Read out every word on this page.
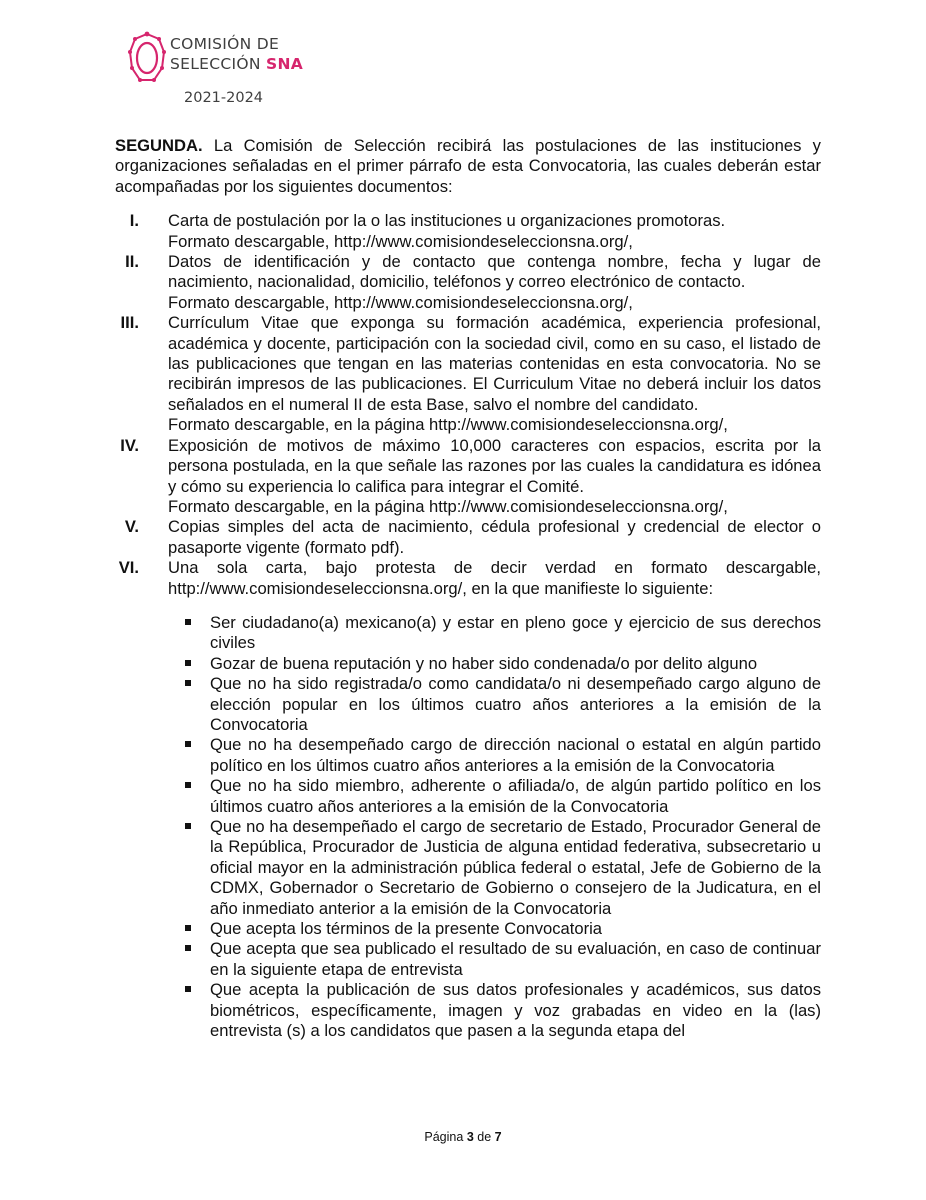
COMISIÓN DE
SELECCIÓN SNA
2021-2024

SEGUNDA. La Comisión de Selección recibirá las postulaciones de las instituciones y organizaciones señaladas en el primer párrafo de esta Convocatoria, las cuales deberán estar acompañadas por los siguientes documentos:

I. Carta de postulación por la o las instituciones u organizaciones promotoras.
Formato descargable, http://www.comisiondeseleccionsna.org/,
II. Datos de identificación y de contacto que contenga nombre, fecha y lugar de nacimiento, nacionalidad, domicilio, teléfonos y correo electrónico de contacto.
Formato descargable, http://www.comisiondeseleccionsna.org/,
III. Currículum Vitae que exponga su formación académica, experiencia profesional, académica y docente, participación con la sociedad civil, como en su caso, el listado de las publicaciones que tengan en las materias contenidas en esta convocatoria. No se recibirán impresos de las publicaciones. El Curriculum Vitae no deberá incluir los datos señalados en el numeral II de esta Base, salvo el nombre del candidato.
Formato descargable, en la página http://www.comisiondeseleccionsna.org/,
IV. Exposición de motivos de máximo 10,000 caracteres con espacios, escrita por la persona postulada, en la que señale las razones por las cuales la candidatura es idónea y cómo su experiencia lo califica para integrar el Comité.
Formato descargable, en la página http://www.comisiondeseleccionsna.org/,
V. Copias simples del acta de nacimiento, cédula profesional y credencial de elector o pasaporte vigente (formato pdf).
VI. Una sola carta, bajo protesta de decir verdad en formato descargable, http://www.comisiondeseleccionsna.org/, en la que manifieste lo siguiente:
Ser ciudadano(a) mexicano(a) y estar en pleno goce y ejercicio de sus derechos civiles
Gozar de buena reputación y no haber sido condenada/o por delito alguno
Que no ha sido registrada/o como candidata/o ni desempeñado cargo alguno de elección popular en los últimos cuatro años anteriores a la emisión de la Convocatoria
Que no ha desempeñado cargo de dirección nacional o estatal en algún partido político en los últimos cuatro años anteriores a la emisión de la Convocatoria
Que no ha sido miembro, adherente o afiliada/o, de algún partido político en los últimos cuatro años anteriores a la emisión de la Convocatoria
Que no ha desempeñado el cargo de secretario de Estado, Procurador General de la República, Procurador de Justicia de alguna entidad federativa, subsecretario u oficial mayor en la administración pública federal o estatal, Jefe de Gobierno de la CDMX, Gobernador o Secretario de Gobierno o consejero de la Judicatura, en el año inmediato anterior a la emisión de la Convocatoria
Que acepta los términos de la presente Convocatoria
Que acepta que sea publicado el resultado de su evaluación, en caso de continuar en la siguiente etapa de entrevista
Que acepta la publicación de sus datos profesionales y académicos, sus datos biométricos, específicamente, imagen y voz grabadas en video en la (las) entrevista (s) a los candidatos que pasen a la segunda etapa del
Página 3 de 7
